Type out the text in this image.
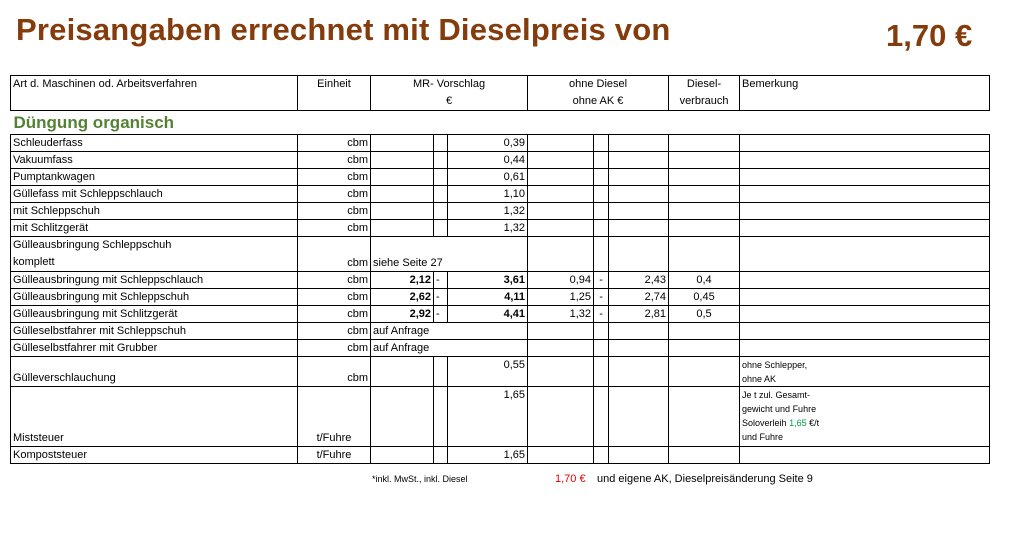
Preisangaben errechnet mit Dieselpreis von	1,70 €
Art d. Maschinen od. Arbeitsverfahren	Einheit	MR- Vorschlag			ohne Diesel			Diesel-	Bemerkung
		€			ohne AK €			verbrauch	
Düngung organisch									
Schleuderfass	cbm			0,39					
Vakuumfass	cbm			0,44					
Pumptankwagen	cbm			0,61					
Güllefass mit Schleppschlauch	cbm			1,10					
mit Schleppschuh	cbm			1,32					
mit Schlitzgerät	cbm			1,32					

Gülleausbringung Schleppschuh
komplett	cbm	siehe Seite 27							
Gülleausbringung mit Schleppschlauch	cbm	2,12	-	3,61	0,94	-	2,43	0,4	
Gülleausbringung mit Schleppschuh	cbm	2,62	-	4,11	1,25	-	2,74	0,45	
Gülleausbringung mit Schlitzgerät	cbm	2,92	-	4,41	1,32	-	2,81	0,5	
Gülleselbstfahrer mit Schleppschuh	cbm	auf Anfrage							
Gülleselbstfahrer mit Grubber	cbm	auf Anfrage							
Gülleverschlauchung	cbm			0,55					ohne Schlepper,
ohne AK

Miststeuer	t/Fuhre			1,65					Je t zul. Gesamt-
gewicht und Fuhre
Soloverleih 1,65 €/t
und Fuhre

Kompoststeuer	t/Fuhre			1,65					
*inkl. MwSt., inkl. Diesel	1,70 € und eigene AK, Dieselpreisänderung Seite 9
